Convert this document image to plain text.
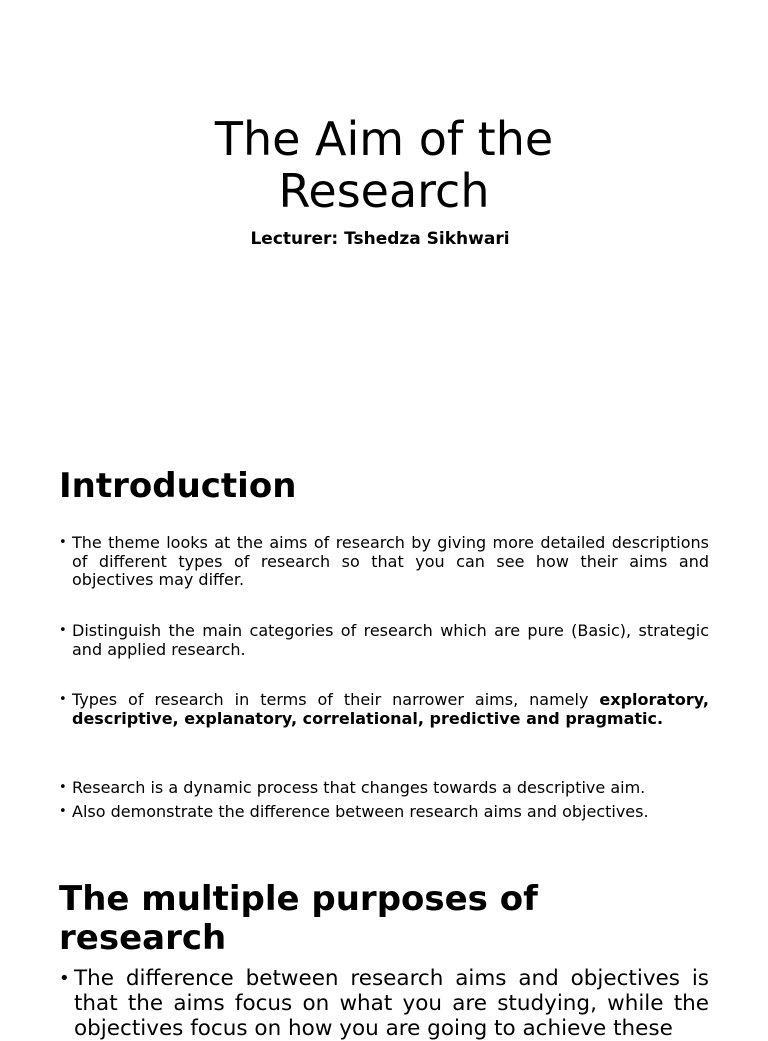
The Aim of the
Research

Lecturer: Tshedza Sikhwari

Introduction
• The theme looks at the aims of research by giving more detailed descriptions of different types of research so that you can see how their aims and objectives may differ.
• Distinguish the main categories of research which are pure (Basic), strategic and applied research.
• Types of research in terms of their narrower aims, namely exploratory, descriptive, explanatory, correlational, predictive and pragmatic.
• Research is a dynamic process that changes towards a descriptive aim.
• Also demonstrate the difference between research aims and objectives.
The multiple purposes of
research
• The difference between research aims and objectives is that the aims focus on what you are studying, while the objectives focus on how you are going to achieve these
